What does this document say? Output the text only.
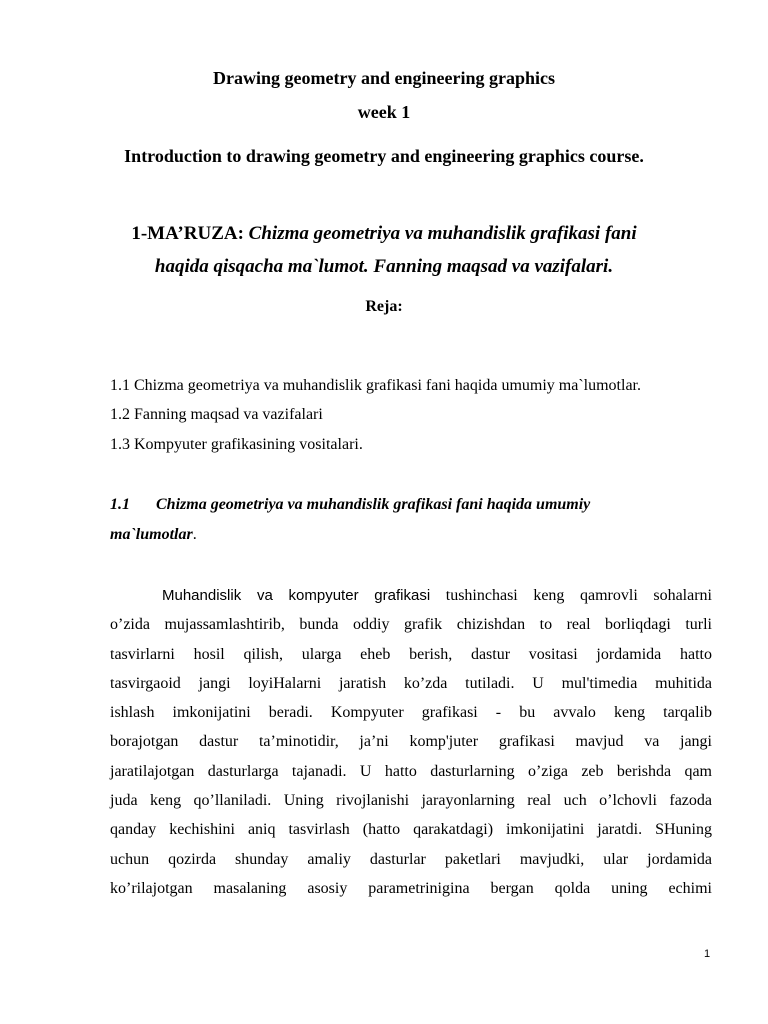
Drawing geometry and engineering graphics
week 1
Introduction to drawing geometry and engineering graphics course.
1-MA’RUZA: Chizma geometriya va muhandislik grafikasi fani
haqida qisqacha ma`lumot. Fanning maqsad va vazifalari.
Reja:
1.1 Chizma geometriya va muhandislik grafikasi fani haqida umumiy ma`lumotlar.
1.2 Fanning maqsad va vazifalari
1.3 Kompyuter grafikasining vositalari.
1.1 Chizma geometriya va muhandislik grafikasi fani haqida umumiy
ma`lumotlar.
Muhandislik va kompyuter grafikasi tushinchasi keng qamrovli sohalarni
o’zida mujassamlashtirib, bunda oddiy grafik chizishdan to real borliqdagi turli
tasvirlarni hosil qilish, ularga eheb berish, dastur vositasi jordamida hatto
tasvirgaoid jangi loyiHalarni jaratish ko’zda tutiladi. U mul'timedia muhitida
ishlash imkonijatini beradi. Kompyuter grafikasi - bu avvalo keng tarqalib
borajotgan dastur ta’minotidir, ja’ni komp'juter grafikasi mavjud va jangi
jaratilajotgan dasturlarga tajanadi. U hatto dasturlarning o’ziga zeb berishda qam
juda keng qo’llaniladi. Uning rivojlanishi jarayonlarning real uch o’lchovli fazoda
qanday kechishini aniq tasvirlash (hatto qarakatdagi) imkonijatini jaratdi. SHuning
uchun qozirda shunday amaliy dasturlar paketlari mavjudki, ular jordamida
ko’rilajotgan masalaning asosiy parametrinigina bergan qolda uning echimi
1
